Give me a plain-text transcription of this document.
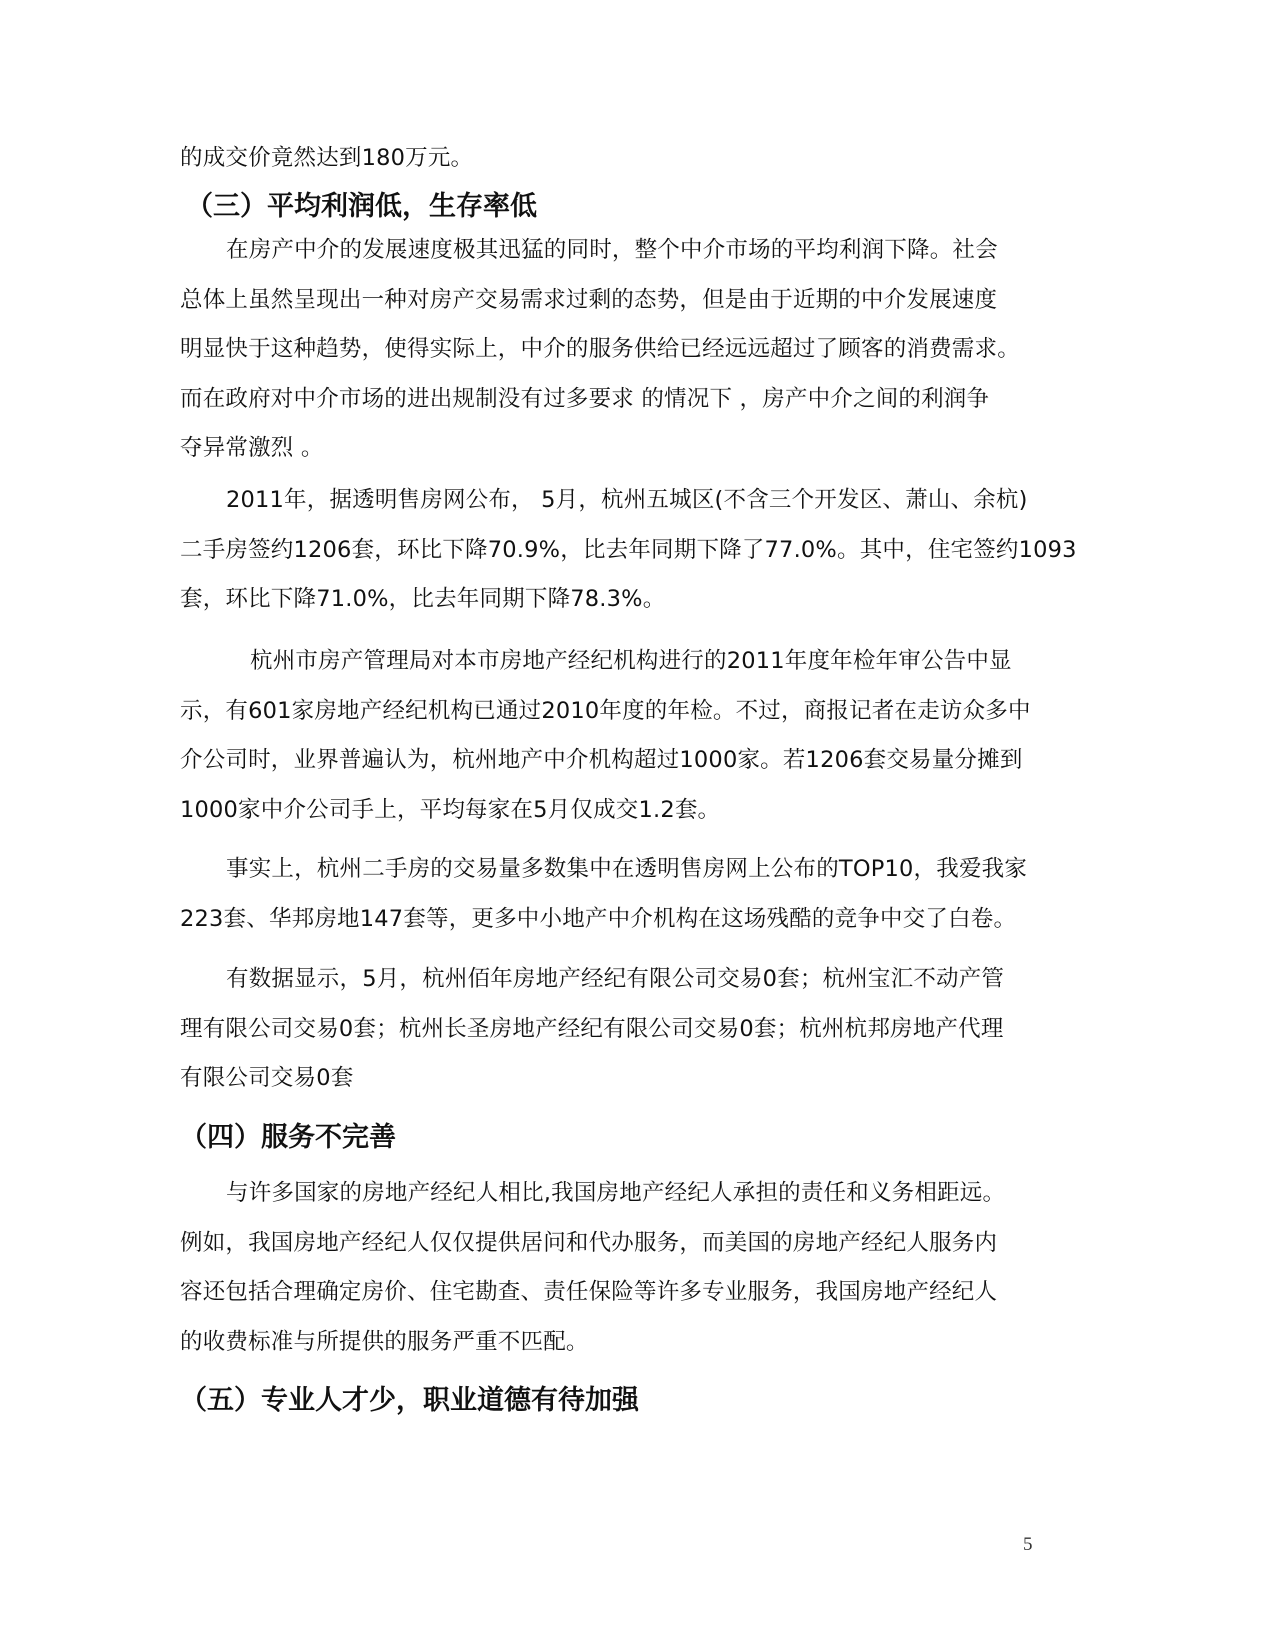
的成交价竟然达到180万元。

（三）平均利润低，生存率低

在房产中介的发展速度极其迅猛的同时，整个中介市场的平均利润下降。社会
总体上虽然呈现出一种对房产交易需求过剩的态势，但是由于近期的中介发展速度
明显快于这种趋势，使得实际上，中介的服务供给已经远远超过了顾客的消费需求。
而在政府对中介市场的进出规制没有过多要求 的情况下 ，房产中介之间的利润争
夺异常激烈 。

2011年，据透明售房网公布， 5月，杭州五城区(不含三个开发区、萧山、余杭)
二手房签约1206套，环比下降70.9%，比去年同期下降了77.0%。其中，住宅签约1093
套，环比下降71.0%，比去年同期下降78.3%。

杭州市房产管理局对本市房地产经纪机构进行的2011年度年检年审公告中显
示，有601家房地产经纪机构已通过2010年度的年检。不过，商报记者在走访众多中
介公司时，业界普遍认为，杭州地产中介机构超过1000家。若1206套交易量分摊到
1000家中介公司手上，平均每家在5月仅成交1.2套。

事实上，杭州二手房的交易量多数集中在透明售房网上公布的TOP10，我爱我家
223套、华邦房地147套等，更多中小地产中介机构在这场残酷的竞争中交了白卷。

有数据显示，5月，杭州佰年房地产经纪有限公司交易0套；杭州宝汇不动产管
理有限公司交易0套；杭州长圣房地产经纪有限公司交易0套；杭州杭邦房地产代理
有限公司交易0套

（四）服务不完善

与许多国家的房地产经纪人相比,我国房地产经纪人承担的责任和义务相距远。
例如，我国房地产经纪人仅仅提供居问和代办服务，而美国的房地产经纪人服务内
容还包括合理确定房价、住宅勘查、责任保险等许多专业服务，我国房地产经纪人
的收费标准与所提供的服务严重不匹配。

（五）专业人才少，职业道德有待加强
5
